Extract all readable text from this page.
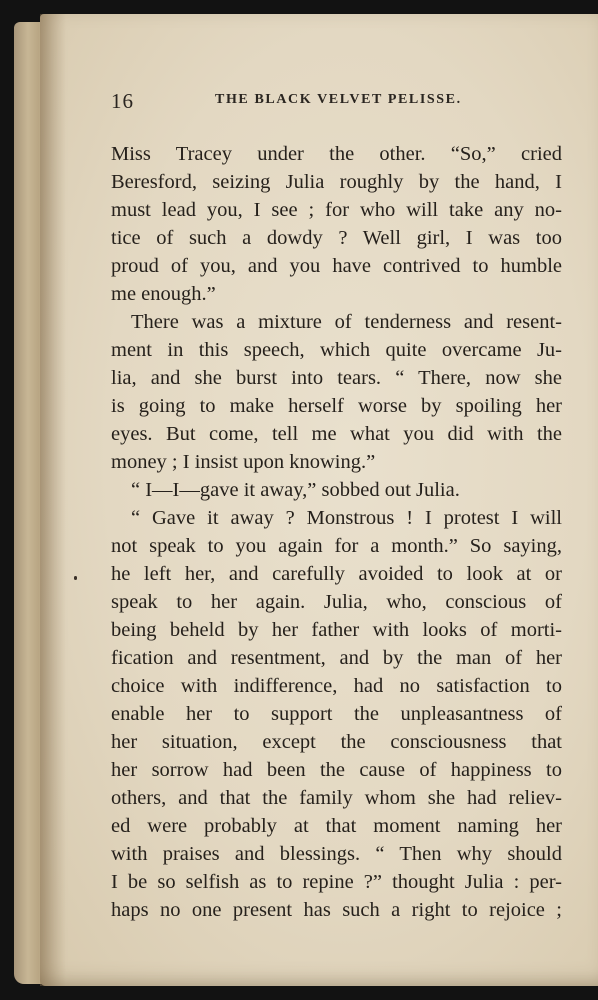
16	THE BLACK VELVET PELISSE.
Miss Tracey under the other. “So,” cried
Beresford, seizing Julia roughly by the hand, I
must lead you, I see ; for who will take any no-
tice of such a dowdy ? Well girl, I was too
proud of you, and you have contrived to humble
me enough.”
There was a mixture of tenderness and resent-
ment in this speech, which quite overcame Ju-
lia, and she burst into tears. “ There, now she
is going to make herself worse by spoiling her
eyes. But come, tell me what you did with the
money ; I insist upon knowing.”
“ I—I—gave it away,” sobbed out Julia.
“ Gave it away ? Monstrous ! I protest I will
not speak to you again for a month.” So saying,
he left her, and carefully avoided to look at or
speak to her again. Julia, who, conscious of
being beheld by her father with looks of morti-
fication and resentment, and by the man of her
choice with indifference, had no satisfaction to
enable her to support the unpleasantness of
her situation, except the consciousness that
her sorrow had been the cause of happiness to
others, and that the family whom she had reliev-
ed were probably at that moment naming her
with praises and blessings. “ Then why should
I be so selfish as to repine ?” thought Julia : per-
haps no one present has such a right to rejoice ;
